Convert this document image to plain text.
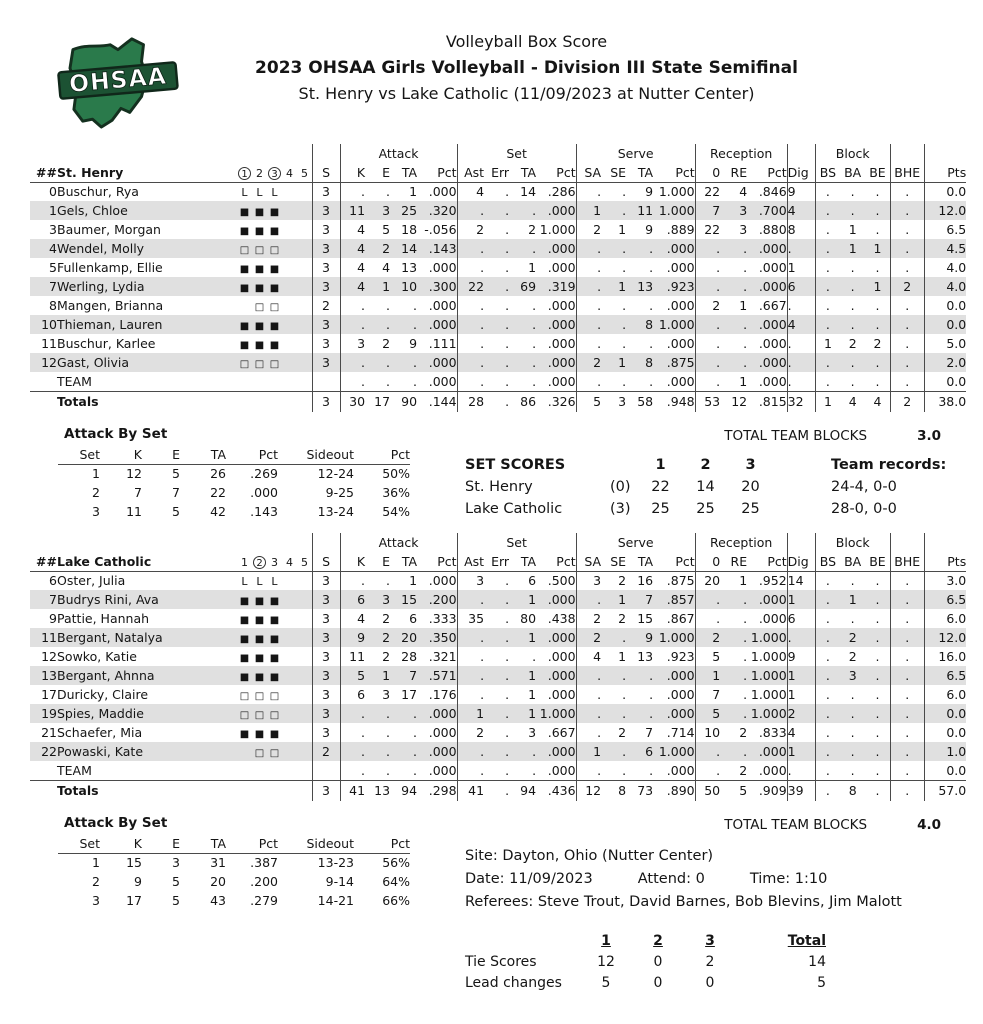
OHSAA
Volleyball Box Score
2023 OHSAA Girls Volleyball - Division III State Semifinal
St. Henry vs Lake Catholic (11/09/2023 at Nutter Center)
				Attack				Set				Serve				Reception				Block				
##	St. Henry	1 2 3 4 5	S	K	E	TA	Pct	Ast	Err	TA	Pct	SA	SE	TA	Pct	0	RE	Pct	Dig	BS	BA	BE	BHE	Pts
0	Buschur, Rya	L L L	3	.	.	1	.000	4	.	14	.286	.	.	9	1.000	22	4	.846	9	.	.	.	.	0.0
1	Gels, Chloe	■ ■ ■	3	11	3	25	.320	.	.	.	.000	1	.	11	1.000	7	3	.700	4	.	.	.	.	12.0
3	Baumer, Morgan	■ ■ ■	3	4	5	18	-.056	2	.	2	1.000	2	1	9	.889	22	3	.880	8	.	1	.	.	6.5
4	Wendel, Molly	□ □ □	3	4	2	14	.143	.	.	.	.000	.	.	.	.000	.	.	.000	.	.	1	1	.	4.5
5	Fullenkamp, Ellie	■ ■ ■	3	4	4	13	.000	.	.	1	.000	.	.	.	.000	.	.	.000	1	.	.	.	.	4.0
7	Werling, Lydia	■ ■ ■	3	4	1	10	.300	22	.	69	.319	.	1	13	.923	.	.	.000	6	.	.	1	2	4.0
8	Mangen, Brianna	□ □	2	.	.	.	.000	.	.	.	.000	.	.	.	.000	2	1	.667	.	.	.	.	.	0.0
10	Thieman, Lauren	■ ■ ■	3	.	.	.	.000	.	.	.	.000	.	.	8	1.000	.	.	.000	4	.	.	.	.	0.0
11	Buschur, Karlee	■ ■ ■	3	3	2	9	.111	.	.	.	.000	.	.	.	.000	.	.	.000	.	1	2	2	.	5.0
12	Gast, Olivia	□ □ □	3	.	.	.	.000	.	.	.	.000	2	1	8	.875	.	.	.000	.	.	.	.	.	2.0
	TEAM			.	.	.	.000	.	.	.	.000	.	.	.	.000	.	1	.000	.	.	.	.	.	0.0
	Totals		3	30	17	90	.144	28	.	86	.326	5	3	58	.948	53	12	.815	32	1	4	4	2	38.0
Attack By Set
Set	K	E	TA	Pct	Sideout	Pct
1	12	5	26	.269	12-24	50%
2	7	7	22	.000	9-25	36%
3	11	5	42	.143	13-24	54%
TOTAL TEAM BLOCKS	3.0
SET SCORES	1	2	3	Team records:
St. Henry	(0)	22	14	20	24-4, 0-0
Lake Catholic	(3)	25	25	25	28-0, 0-0
				Attack				Set				Serve				Reception				Block				
##	Lake Catholic	1 2 3 4 5	S	K	E	TA	Pct	Ast	Err	TA	Pct	SA	SE	TA	Pct	0	RE	Pct	Dig	BS	BA	BE	BHE	Pts
6	Oster, Julia	L L L	3	.	.	1	.000	3	.	6	.500	3	2	16	.875	20	1	.952	14	.	.	.	.	3.0
7	Budrys Rini, Ava	■ ■ ■	3	6	3	15	.200	.	.	1	.000	.	1	7	.857	.	.	.000	1	.	1	.	.	6.5
9	Pattie, Hannah	■ ■ ■	3	4	2	6	.333	35	.	80	.438	2	2	15	.867	.	.	.000	6	.	.	.	.	6.0
11	Bergant, Natalya	■ ■ ■	3	9	2	20	.350	.	.	1	.000	2	.	9	1.000	2	.	1.000	.	.	2	.	.	12.0
12	Sowko, Katie	■ ■ ■	3	11	2	28	.321	.	.	.	.000	4	1	13	.923	5	.	1.000	9	.	2	.	.	16.0
13	Bergant, Ahnna	■ ■ ■	3	5	1	7	.571	.	.	1	.000	.	.	.	.000	1	.	1.000	1	.	3	.	.	6.5
17	Duricky, Claire	□ □ □	3	6	3	17	.176	.	.	1	.000	.	.	.	.000	7	.	1.000	1	.	.	.	.	6.0
19	Spies, Maddie	□ □ □	3	.	.	.	.000	1	.	1	1.000	.	.	.	.000	5	.	1.000	2	.	.	.	.	0.0
21	Schaefer, Mia	■ ■ ■	3	.	.	.	.000	2	.	3	.667	.	2	7	.714	10	2	.833	4	.	.	.	.	0.0
22	Powaski, Kate	□ □	2	.	.	.	.000	.	.	.	.000	1	.	6	1.000	.	.	.000	1	.	.	.	.	1.0
	TEAM			.	.	.	.000	.	.	.	.000	.	.	.	.000	.	2	.000	.	.	.	.	.	0.0
	Totals		3	41	13	94	.298	41	.	94	.436	12	8	73	.890	50	5	.909	39	.	8	.	.	57.0
Attack By Set
Set	K	E	TA	Pct	Sideout	Pct
1	15	3	31	.387	13-23	56%
2	9	5	20	.200	9-14	64%
3	17	5	43	.279	14-21	66%
TOTAL TEAM BLOCKS	4.0
Site: Dayton, Ohio (Nutter Center)
Date: 11/09/2023	Attend: 0	Time: 1:10
Referees: Steve Trout, David Barnes, Bob Blevins, Jim Malott
1	2	3	Total
Tie Scores	12	0	2	14
Lead changes	5	0	0	5
